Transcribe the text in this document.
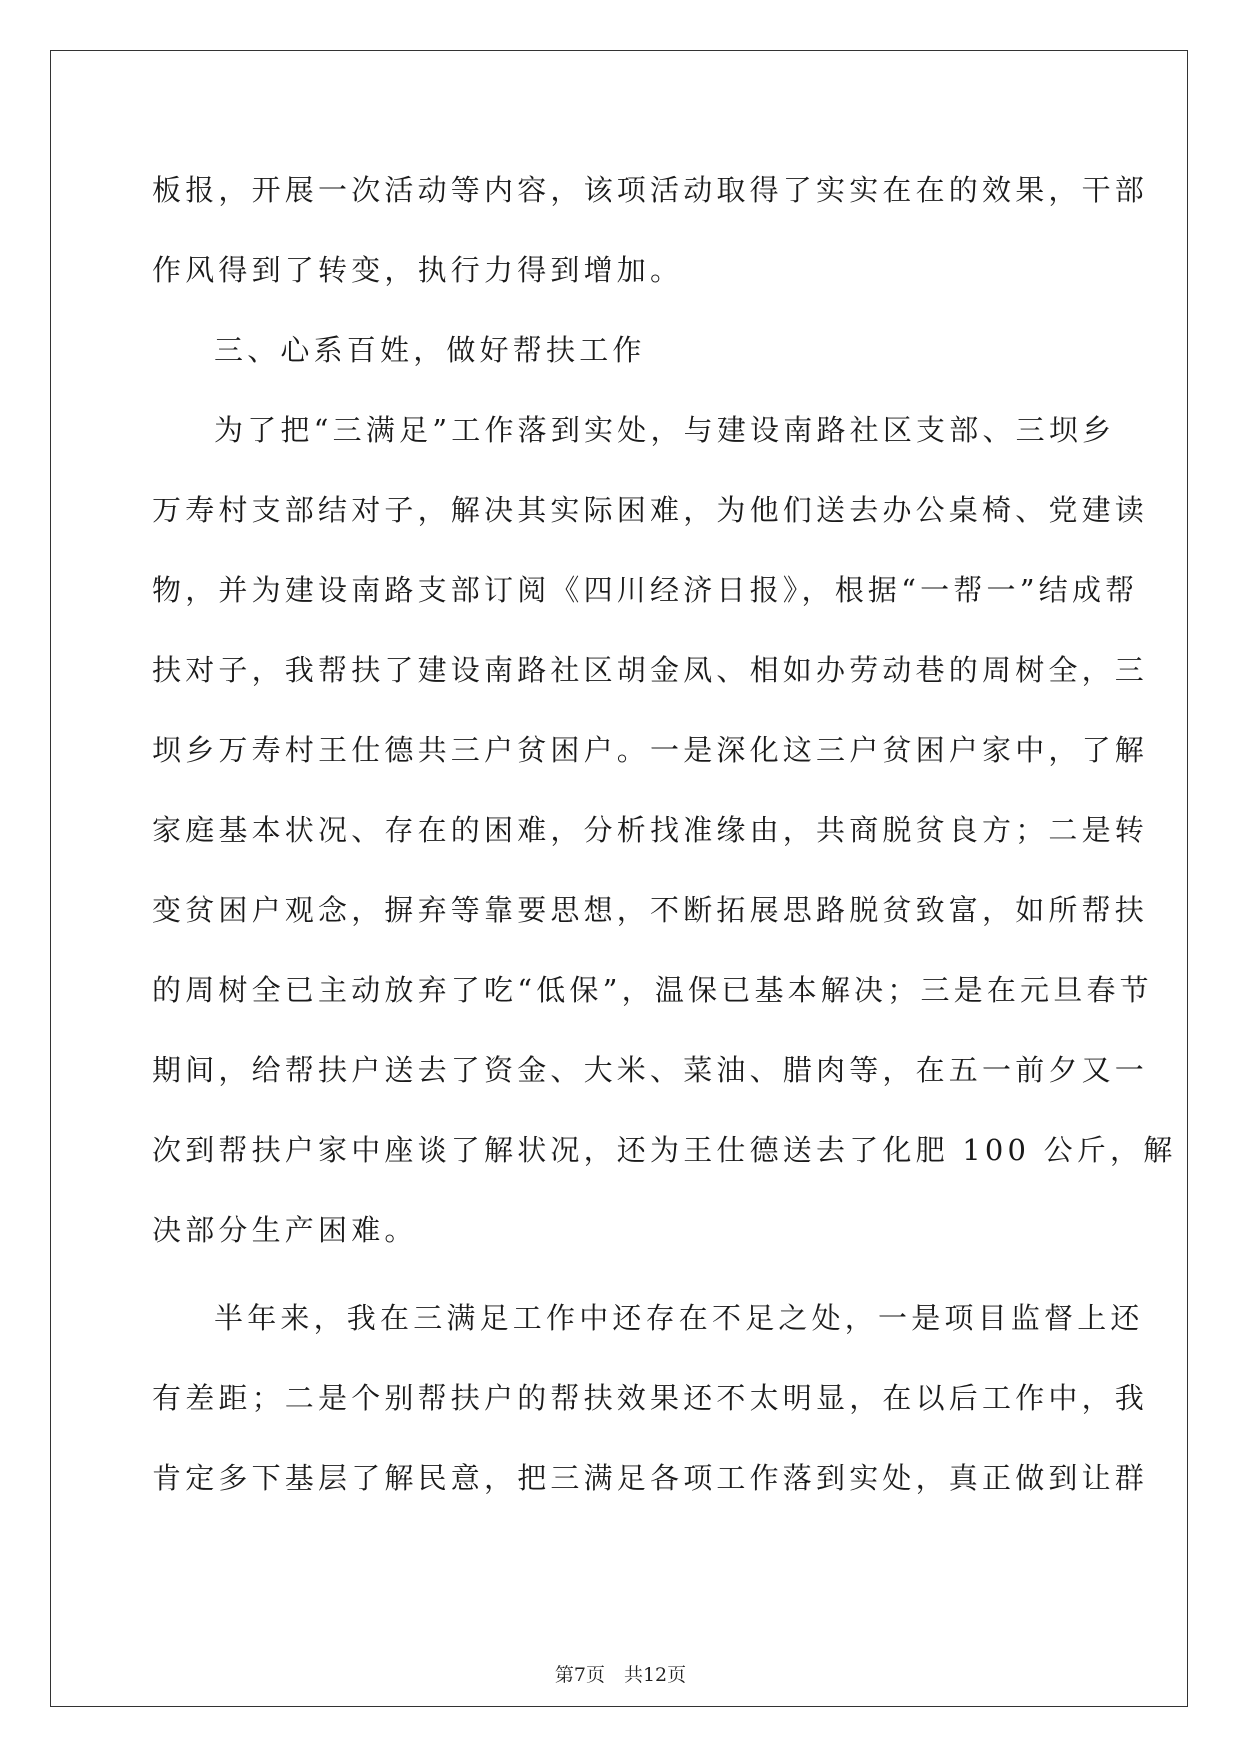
板报，开展一次活动等内容，该项活动取得了实实在在的效果，干部
作风得到了转变，执行力得到增加。
三、心系百姓，做好帮扶工作
为了把“三满足”工作落到实处，与建设南路社区支部、三坝乡
万寿村支部结对子，解决其实际困难，为他们送去办公桌椅、党建读
物，并为建设南路支部订阅《四川经济日报》，根据“一帮一”结成帮
扶对子，我帮扶了建设南路社区胡金凤、相如办劳动巷的周树全，三
坝乡万寿村王仕德共三户贫困户。一是深化这三户贫困户家中，了解
家庭基本状况、存在的困难，分析找准缘由，共商脱贫良方；二是转
变贫困户观念，摒弃等靠要思想，不断拓展思路脱贫致富，如所帮扶
的周树全已主动放弃了吃“低保”，温保已基本解决；三是在元旦春节
期间，给帮扶户送去了资金、大米、菜油、腊肉等，在五一前夕又一
次到帮扶户家中座谈了解状况，还为王仕德送去了化肥 100 公斤，解
决部分生产困难。
半年来，我在三满足工作中还存在不足之处，一是项目监督上还
有差距；二是个别帮扶户的帮扶效果还不太明显，在以后工作中，我
肯定多下基层了解民意，把三满足各项工作落到实处，真正做到让群
第7页　共12页
